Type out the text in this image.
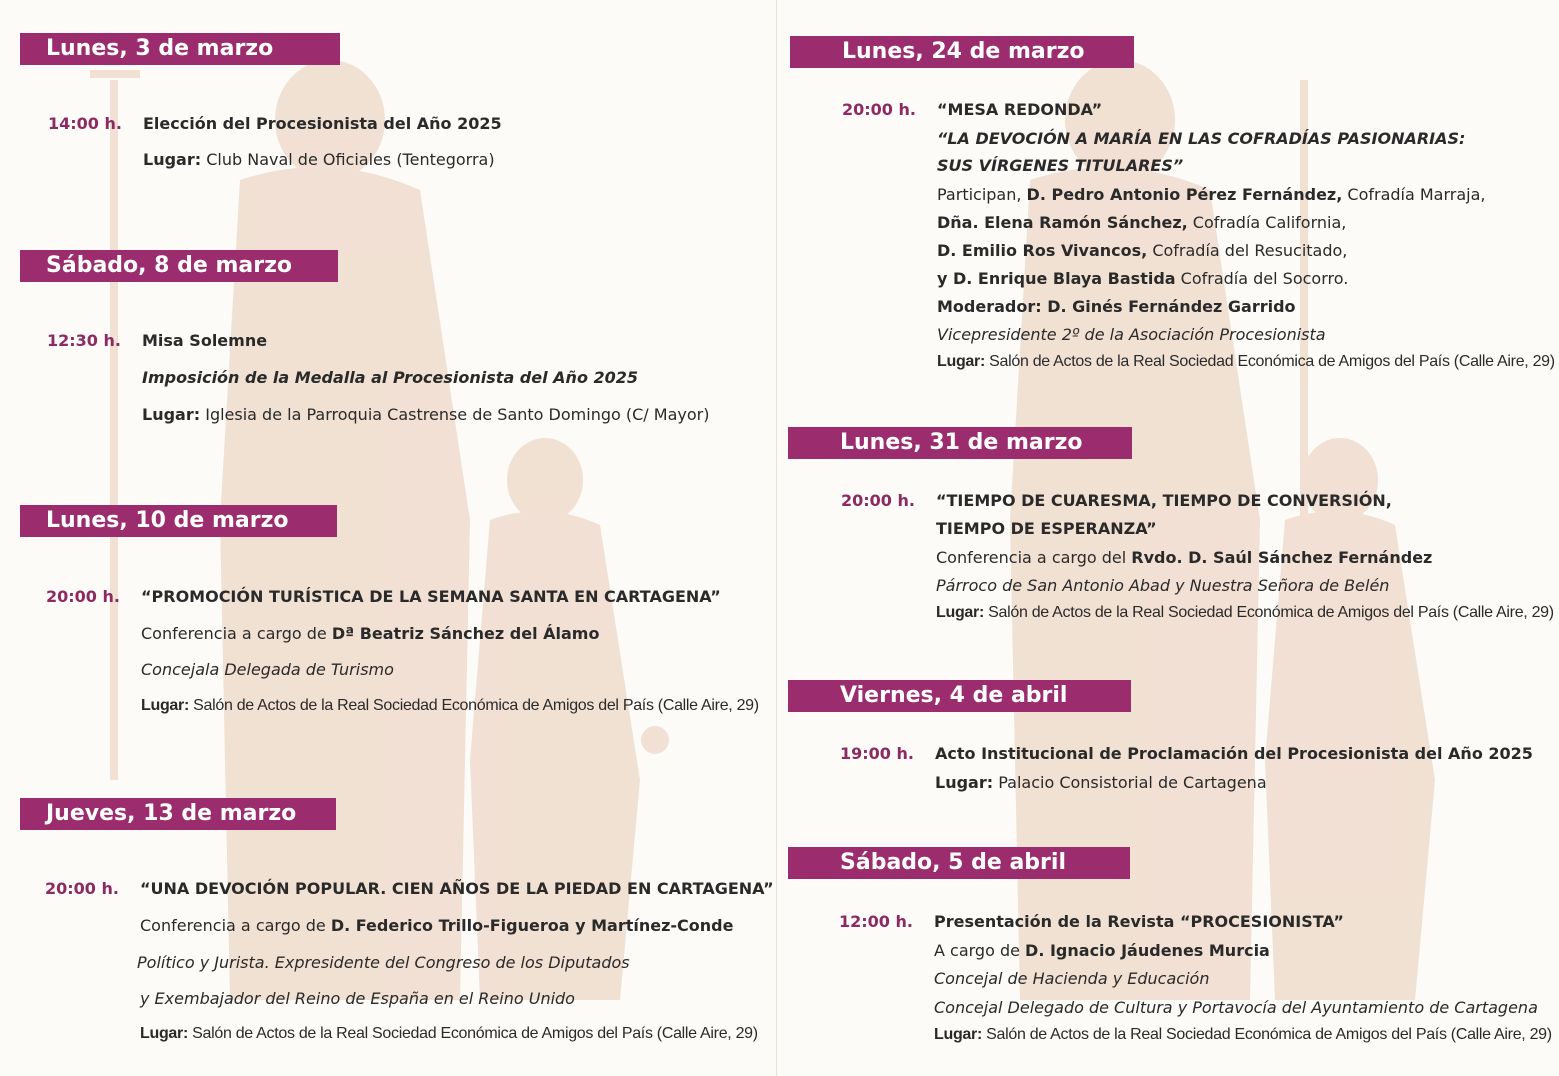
Lunes, 3 de marzo
14:00 h. Elección del Procesionista del Año 2025
Lugar: Club Naval de Oficiales (Tentegorra)
Sábado, 8 de marzo
12:30 h. Misa Solemne
Imposición de la Medalla al Procesionista del Año 2025
Lugar: Iglesia de la Parroquia Castrense de Santo Domingo (C/ Mayor)
Lunes, 10 de marzo
20:00 h. “PROMOCIÓN TURÍSTICA DE LA SEMANA SANTA EN CARTAGENA”
Conferencia a cargo de Dª Beatriz Sánchez del Álamo
Concejala Delegada de Turismo
Lugar: Salón de Actos de la Real Sociedad Económica de Amigos del País (Calle Aire, 29)
Jueves, 13 de marzo
20:00 h. “UNA DEVOCIÓN POPULAR. CIEN AÑOS DE LA PIEDAD EN CARTAGENA”
Conferencia a cargo de D. Federico Trillo-Figueroa y Martínez-Conde
Político y Jurista. Expresidente del Congreso de los Diputados
y Exembajador del Reino de España en el Reino Unido
Lugar: Salón de Actos de la Real Sociedad Económica de Amigos del País (Calle Aire, 29)
Lunes, 24 de marzo
20:00 h. “MESA REDONDA”
“LA DEVOCIÓN A MARÍA EN LAS COFRADÍAS PASIONARIAS:
SUS VÍRGENES TITULARES”
Participan, D. Pedro Antonio Pérez Fernández, Cofradía Marraja,
Dña. Elena Ramón Sánchez, Cofradía California,
D. Emilio Ros Vivancos, Cofradía del Resucitado,
y D. Enrique Blaya Bastida Cofradía del Socorro.
Moderador: D. Ginés Fernández Garrido
Vicepresidente 2º de la Asociación Procesionista
Lugar: Salón de Actos de la Real Sociedad Económica de Amigos del País (Calle Aire, 29)
Lunes, 31 de marzo
20:00 h. “TIEMPO DE CUARESMA, TIEMPO DE CONVERSIÓN,
TIEMPO DE ESPERANZA”
Conferencia a cargo del Rvdo. D. Saúl Sánchez Fernández
Párroco de San Antonio Abad y Nuestra Señora de Belén
Lugar: Salón de Actos de la Real Sociedad Económica de Amigos del País (Calle Aire, 29)
Viernes, 4 de abril
19:00 h. Acto Institucional de Proclamación del Procesionista del Año 2025
Lugar: Palacio Consistorial de Cartagena
Sábado, 5 de abril
12:00 h. Presentación de la Revista “PROCESIONISTA”
A cargo de D. Ignacio Jáudenes Murcia
Concejal de Hacienda y Educación
Concejal Delegado de Cultura y Portavocía del Ayuntamiento de Cartagena
Lugar: Salón de Actos de la Real Sociedad Económica de Amigos del País (Calle Aire, 29)
